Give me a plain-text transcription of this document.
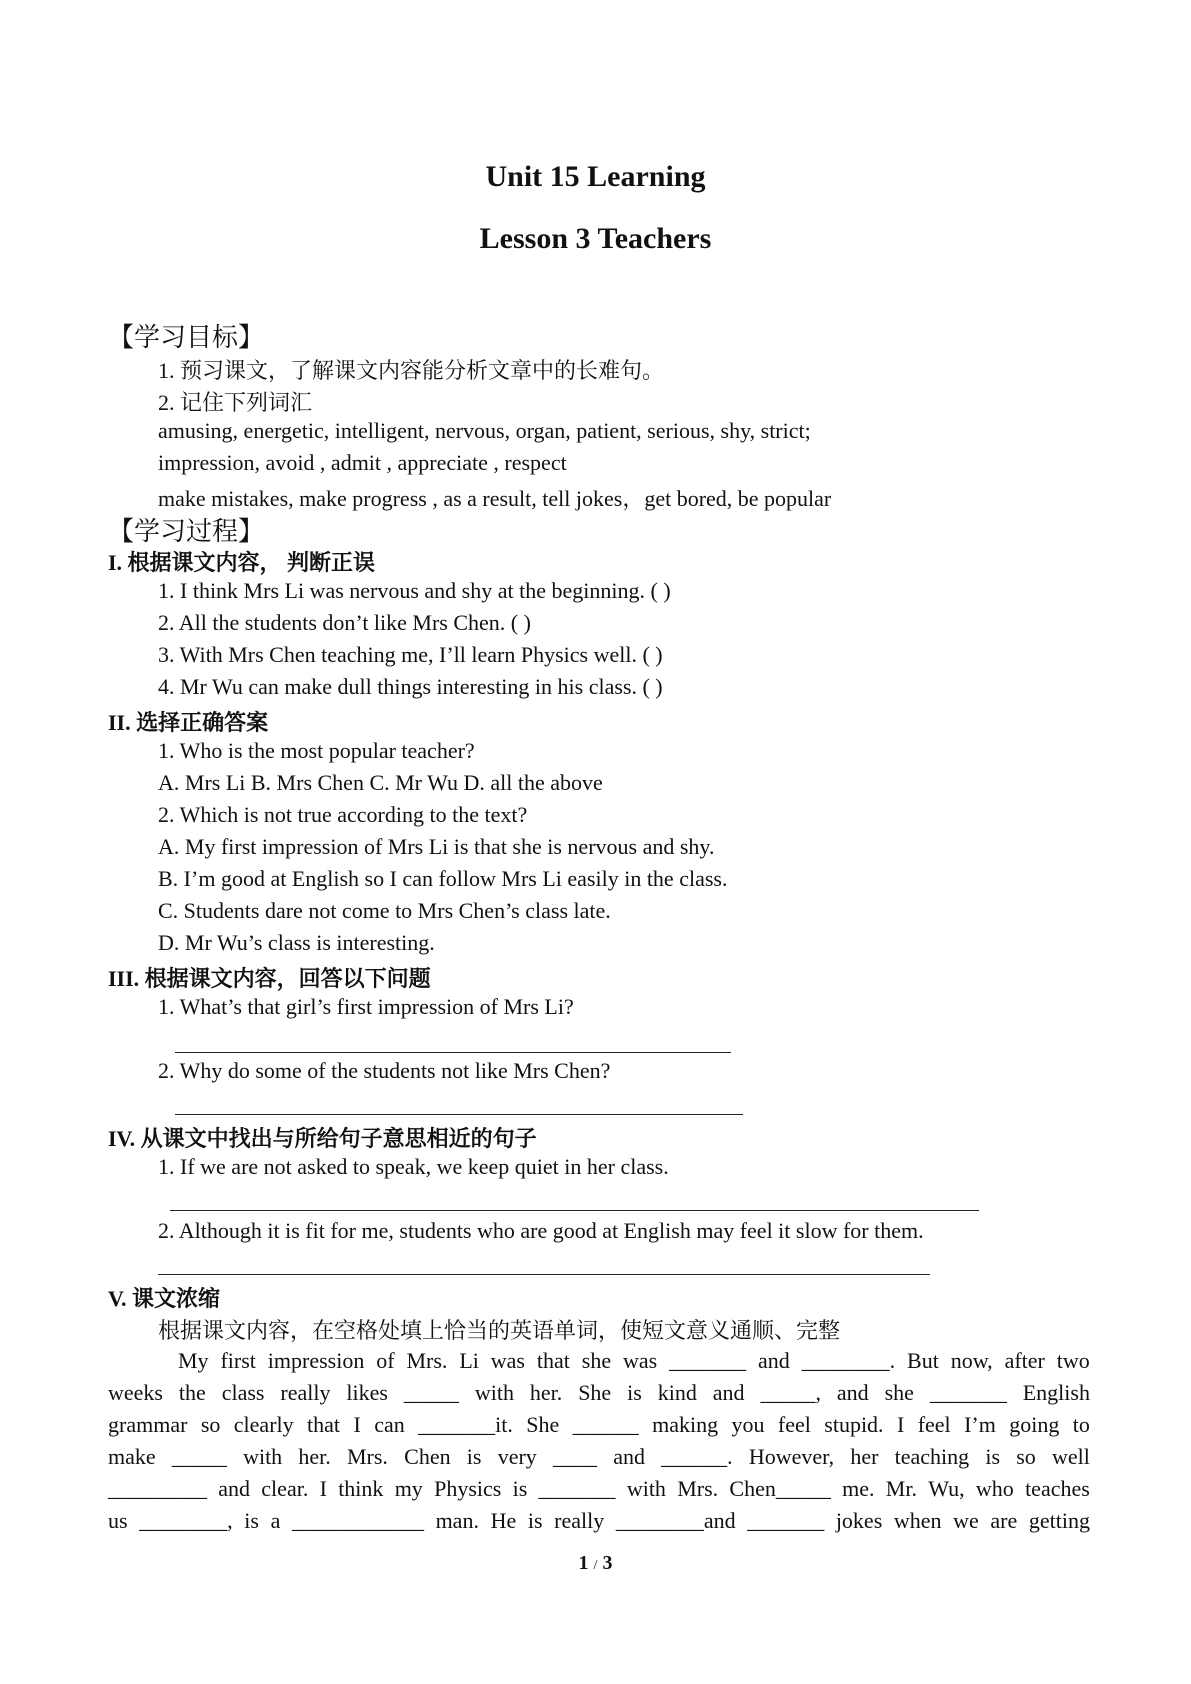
Unit 15 Learning
Lesson 3 Teachers
【学习目标】
1. 预习课文，了解课文内容能分析文章中的长难句。
2. 记住下列词汇
amusing, energetic, intelligent, nervous, organ, patient, serious, shy, strict;
impression, avoid , admit , appreciate , respect
make mistakes, make progress , as a result, tell jokes，get bored, be popular
【学习过程】
I. 根据课文内容， 判断正误
1. I think Mrs Li was nervous and shy at the beginning. ( )
2. All the students don’t like Mrs Chen. ( )
3. With Mrs Chen teaching me, I’ll learn Physics well. ( )
4. Mr Wu can make dull things interesting in his class. ( )
II. 选择正确答案
1. Who is the most popular teacher?
A. Mrs Li B. Mrs Chen C. Mr Wu D. all the above
2. Which is not true according to the text?
A. My first impression of Mrs Li is that she is nervous and shy.
B. I’m good at English so I can follow Mrs Li easily in the class.
C. Students dare not come to Mrs Chen’s class late.
D. Mr Wu’s class is interesting.
III. 根据课文内容，回答以下问题
1. What’s that girl’s first impression of Mrs Li?
2. Why do some of the students not like Mrs Chen?
IV. 从课文中找出与所给句子意思相近的句子
1. If we are not asked to speak, we keep quiet in her class.
2. Although it is fit for me, students who are good at English may feel it slow for them.
V. 课文浓缩
根据课文内容，在空格处填上恰当的英语单词，使短文意义通顺、完整
My first impression of Mrs. Li was that she was _______ and ________. But now, after two
weeks the class really likes _____ with her. She is kind and _____, and she _______ English
grammar so clearly that I can _______it. She ______ making you feel stupid. I feel I’m going to
make _____ with her. Mrs. Chen is very ____ and ______. However, her teaching is so well
_________ and clear. I think my Physics is _______ with Mrs. Chen_____ me. Mr. Wu, who teaches
us ________, is a ____________ man. He is really ________and _______ jokes when we are getting
1 / 3
